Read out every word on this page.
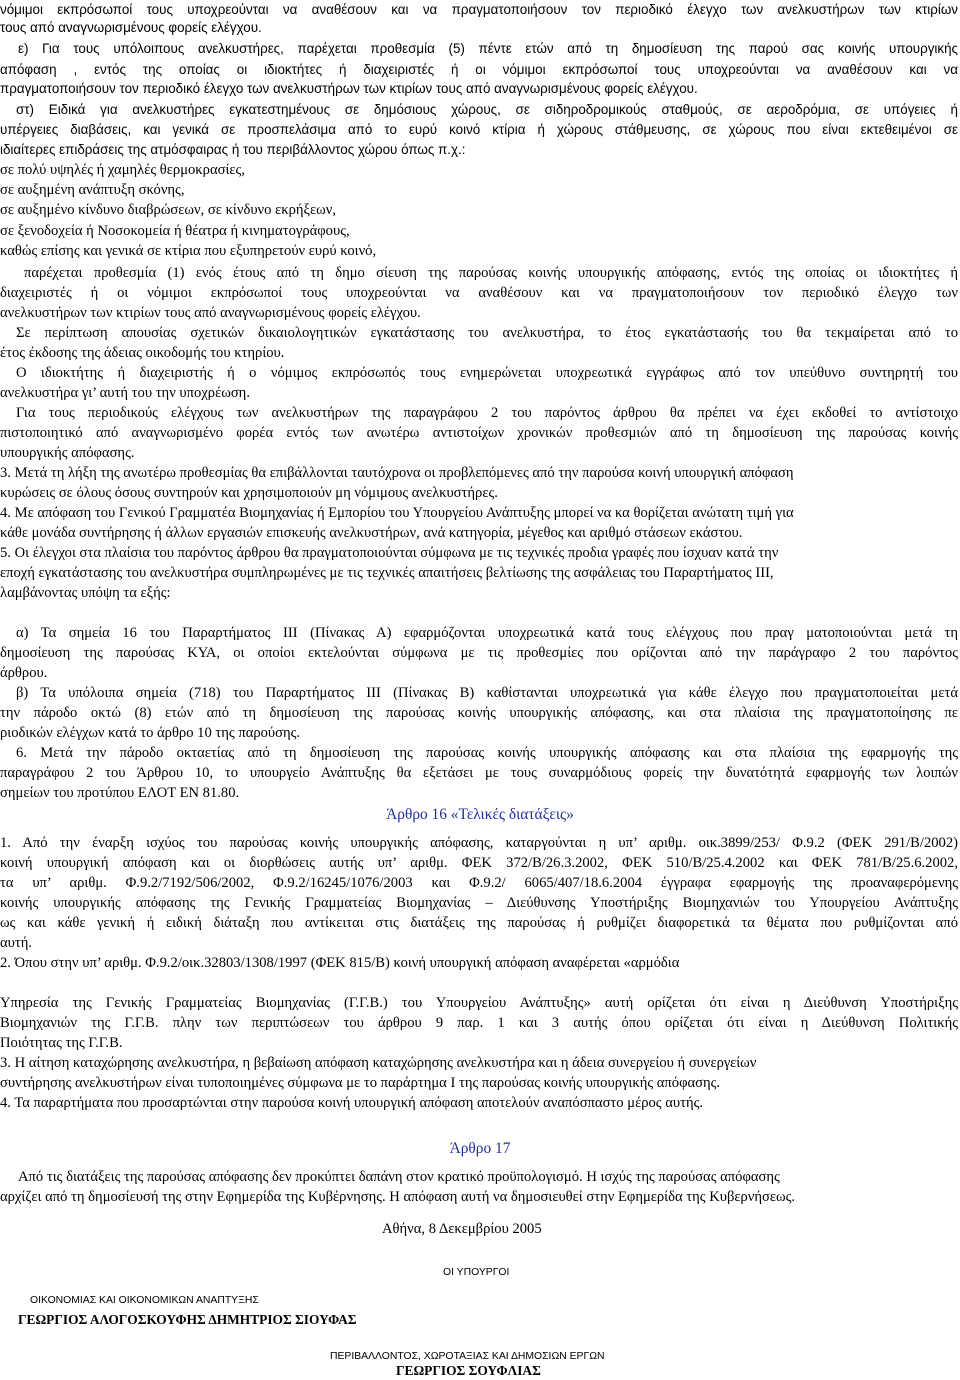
νόμιμοι εκπρόσωποί τους υποχρεούνται να αναθέσουν και να πραγματοποιήσουν τον περιοδικό έλεγχο των ανελκυστήρων των κτιρίων
τους από αναγνωρισμένους φορείς ελέγχου.
ε) Για τους υπόλοιπους ανελκυστήρες, παρέχεται προθεσμία (5) πέντε ετών από τη δημοσίευση της παρού σας κοινής υπουργικής
απόφαση , εντός της οποίας οι ιδιοκτήτες ή διαχειριστές ή οι νόμιμοι εκπρόσωποί τους υποχρεούνται να αναθέσουν και να
πραγματοποιήσουν τον περιοδικό έλεγχο των ανελκυστήρων των κτιρίων τους από αναγνωρισμένους φορείς ελέγχου.
στ) Ειδικά για ανελκυστήρες εγκατεστημένους σε δημόσιους χώρους, σε σιδηροδρομικούς σταθμούς, σε αεροδρόμια, σε υπόγειες ή
υπέργειες διαβάσεις, και γενικά σε προσπελάσιμα από το ευρύ κοινό κτίρια ή χώρους στάθμευσης, σε χώρους που είναι εκτεθειμένοι σε
ιδιαίτερες επιδράσεις της ατμόσφαιρας ή του περιβάλλοντος χώρου όπως π.χ.:
σε πολύ υψηλές ή χαμηλές θερμοκρασίες,
σε αυξημένη ανάπτυξη σκόνης,
σε αυξημένο κίνδυνο διαβρώσεων, σε κίνδυνο εκρήξεων,
σε ξενοδοχεία ή Νοσοκομεία ή θέατρα ή κινηματογράφους,
καθώς επίσης και γενικά σε κτίρια που εξυπηρετούν ευρύ κοινό,
παρέχεται προθεσμία (1) ενός έτους από τη δημο σίευση της παρούσας κοινής υπουργικής απόφασης, εντός της οποίας οι ιδιοκτήτες ή
διαχειριστές ή οι νόμιμοι εκπρόσωποί τους υποχρεούνται να αναθέσουν και να πραγματοποιήσουν τον περιοδικό έλεγχο των
ανελκυστήρων των κτιρίων τους από αναγνωρισμένους φορείς ελέγχου.
Σε περίπτωση απουσίας σχετικών δικαιολογητικών εγκατάστασης του ανελκυστήρα, το έτος εγκατάστασής του θα τεκμαίρεται από το
έτος έκδοσης της άδειας οικοδομής του κτηρίου.
Ο ιδιοκτήτης ή διαχειριστής ή ο νόμιμος εκπρόσωπός τους ενημερώνεται υποχρεωτικά εγγράφως από τον υπεύθυνο συντηρητή του
ανελκυστήρα γι’ αυτή του την υποχρέωση.
Για τους περιοδικούς ελέγχους των ανελκυστήρων της παραγράφου 2 του παρόντος άρθρου θα πρέπει να έχει εκδοθεί το αντίστοιχο
πιστοποιητικό από αναγνωρισμένο φορέα εντός των ανωτέρω αντιστοίχων χρονικών προθεσμιών από τη δημοσίευση της παρούσας κοινής
υπουργικής απόφασης.
3. Μετά τη λήξη της ανωτέρω προθεσμίας θα επιβάλλονται ταυτόχρονα οι προβλεπόμενες από την παρούσα κοινή υπουργική απόφαση
κυρώσεις σε όλους όσους συντηρούν και χρησιμοποιούν μη νόμιμους ανελκυστήρες.
4. Με απόφαση του Γενικού Γραμματέα Βιομηχανίας ή Εμπορίου του Υπουργείου Ανάπτυξης μπορεί να κα θορίζεται ανώτατη τιμή για
κάθε μονάδα συντήρησης ή άλλων εργασιών επισκευής ανελκυστήρων, ανά κατηγορία, μέγεθος και αριθμό στάσεων εκάστου.
5. Οι έλεγχοι στα πλαίσια του παρόντος άρθρου θα πραγματοποιούνται σύμφωνα με τις τεχνικές προδια γραφές που ίσχυαν κατά την
εποχή εγκατάστασης του ανελκυστήρα συμπληρωμένες με τις τεχνικές απαιτήσεις βελτίωσης της ασφάλειας του Παραρτήματος ΙΙΙ,
λαμβάνοντας υπόψη τα εξής:
α) Τα σημεία 16 του Παραρτήματος ΙΙΙ (Πίνακας Α) εφαρμόζονται υποχρεωτικά κατά τους ελέγχους που πραγ ματοποιούνται μετά τη
δημοσίευση της παρούσας ΚΥΑ, οι οποίοι εκτελούνται σύμφωνα με τις προθεσμίες που ορίζονται από την παράγραφο 2 του παρόντος
άρθρου.
β) Τα υπόλοιπα σημεία (718) του Παραρτήματος ΙΙΙ (Πίνακας Β) καθίστανται υποχρεωτικά για κάθε έλεγχο που πραγματοποιείται μετά
την πάροδο οκτώ (8) ετών από τη δημοσίευση της παρούσας κοινής υπουργικής απόφασης, και στα πλαίσια της πραγματοποίησης πε
ριοδικών ελέγχων κατά το άρθρο 10 της παρούσης.
6. Μετά την πάροδο οκταετίας από τη δημοσίευση της παρούσας κοινής υπουργικής απόφασης και στα πλαίσια της εφαρμογής της
παραγράφου 2 του Άρθρου 10, το υπουργείο Ανάπτυξης θα εξετάσει με τους συναρμόδιους φορείς την δυνατότητά εφαρμογής των λοιπών
σημείων του προτύπου ΕΛΟΤ ΕΝ 81.80.
Άρθρο 16 «Τελικές διατάξεις»
1. Από την έναρξη ισχύος του παρούσας κοινής υπουργικής απόφασης, καταργούνται η υπ’ αριθμ. οικ.3899/253/ Φ.9.2 (ΦΕΚ 291/Β/2002)
κοινή υπουργική απόφαση και οι διορθώσεις αυτής υπ’ αριθμ. ΦΕΚ 372/Β/26.3.2002, ΦΕΚ 510/Β/25.4.2002 και ΦΕΚ 781/Β/25.6.2002,
τα υπ’ αριθμ. Φ.9.2/7192/506/2002, Φ.9.2/16245/1076/2003 και Φ.9.2/ 6065/407/18.6.2004 έγγραφα εφαρμογής της προαναφερόμενης
κοινής υπουργικής απόφασης της Γενικής Γραμματείας Βιομηχανίας – Διεύθυνσης Υποστήριξης Βιομηχανιών του Υπουργείου Ανάπτυξης
ως και κάθε γενική ή ειδική διάταξη που αντίκειται στις διατάξεις της παρούσας ή ρυθμίζει διαφορετικά τα θέματα που ρυθμίζονται από
αυτή.
2. Όπου στην υπ’ αριθμ. Φ.9.2/οικ.32803/1308/1997 (ΦΕΚ 815/Β) κοινή υπουργική απόφαση αναφέρεται «αρμόδια
Υπηρεσία της Γενικής Γραμματείας Βιομηχανίας (Γ.Γ.Β.) του Υπουργείου Ανάπτυξης» αυτή ορίζεται ότι είναι η Διεύθυνση Υποστήριξης
Βιομηχανιών της Γ.Γ.Β. πλην των περιπτώσεων του άρθρου 9 παρ. 1 και 3 αυτής όπου ορίζεται ότι είναι η Διεύθυνση Πολιτικής
Ποιότητας της Γ.Γ.Β.
3. Η αίτηση καταχώρησης ανελκυστήρα, η βεβαίωση απόφαση καταχώρησης ανελκυστήρα και η άδεια συνεργείου ή συνεργείων
συντήρησης ανελκυστήρων είναι τυποποιημένες σύμφωνα με το παράρτημα Ι της παρούσας κοινής υπουργικής απόφασης.
4. Τα παραρτήματα που προσαρτώνται στην παρούσα κοινή υπουργική απόφαση αποτελούν αναπόσπαστο μέρος αυτής.
Άρθρο 17
Από τις διατάξεις της παρούσας απόφασης δεν προκύπτει δαπάνη στον κρατικό προϋπολογισμό. Η ισχύς της παρούσας απόφασης
αρχίζει από τη δημοσίευσή της στην Εφημερίδα της Κυβέρνησης. Η απόφαση αυτή να δημοσιευθεί στην Εφημερίδα της Κυβερνήσεως.
Αθήνα, 8 Δεκεμβρίου 2005
ΟΙ ΥΠΟΥΡΓΟΙ
ΟΙΚΟΝΟΜΙΑΣ ΚΑΙ ΟΙΚΟΝΟΜΙΚΩΝ ΑΝΑΠΤΥΞΗΣ
ΓΕΩΡΓΙΟΣ ΑΛΟΓΟΣΚΟΥΦΗΣ ΔΗΜΗΤΡΙΟΣ ΣΙΟΥΦΑΣ
ΠΕΡΙΒΑΛΛΟΝΤΟΣ, ΧΩΡΟΤΑΞΙΑΣ ΚΑΙ ΔΗΜΟΣΙΩΝ ΕΡΓΩΝ
ΓΕΩΡΓΙΟΣ ΣΟΥΦΛΙΑΣ
